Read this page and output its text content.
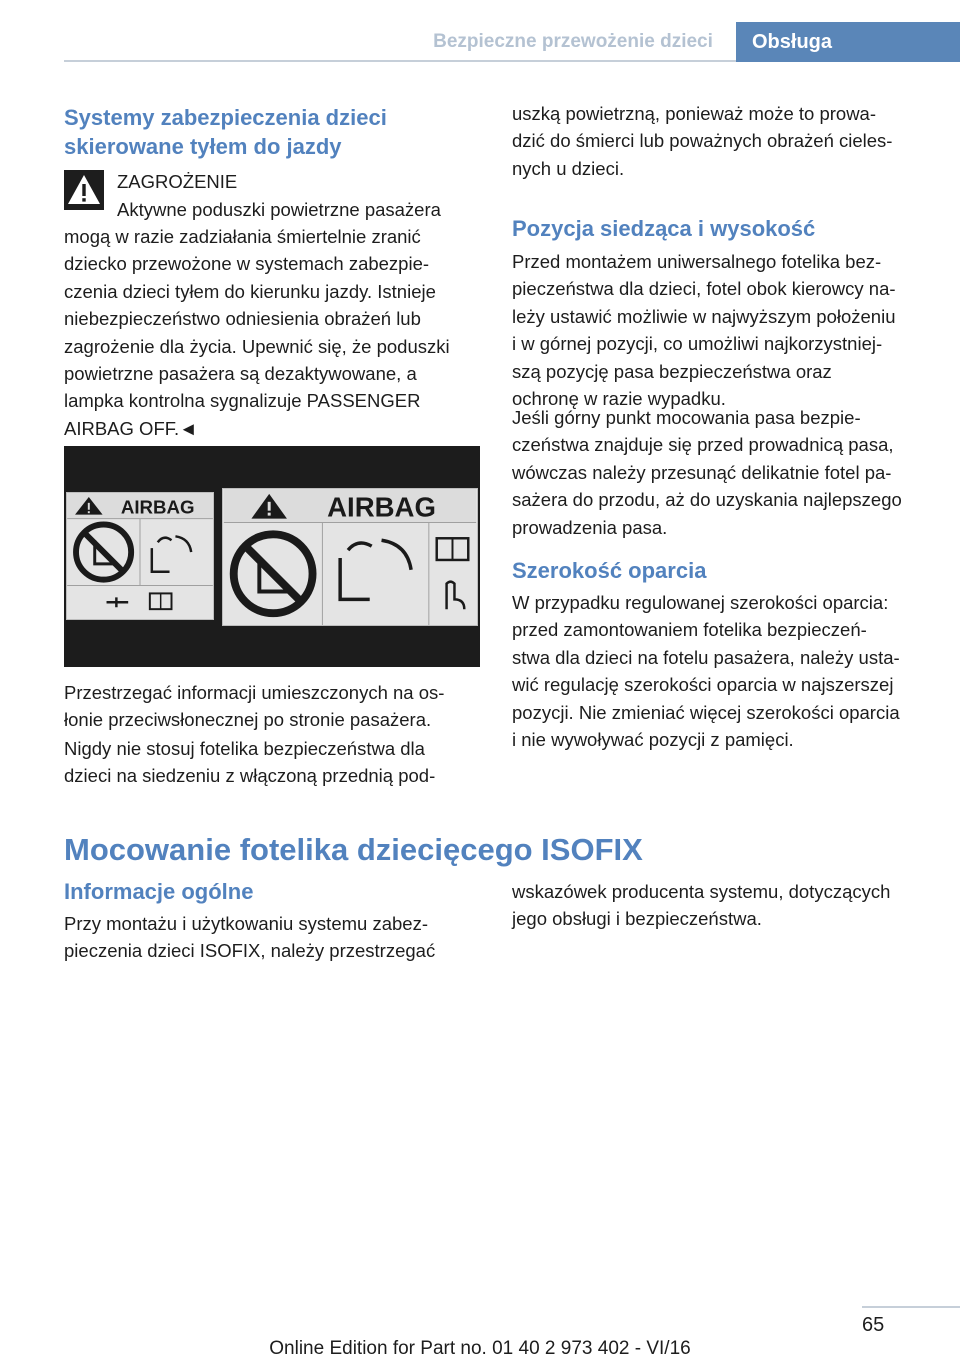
Bezpieczne przewożenie dzieci	Obsługa
Systemy zabezpieczenia dzieci skierowane tyłem do jazdy
ZAGROŻENIE
Aktywne poduszki powietrzne pasażera
mogą w razie zadziałania śmiertelnie zranić
dziecko przewożone w systemach zabezpie-
czenia dzieci tyłem do kierunku jazdy. Istnieje
niebezpieczeństwo odniesienia obrażeń lub
zagrożenie dla życia. Upewnić się, że poduszki
powietrzne pasażera są dezaktywowane, a
lampka kontrolna sygnalizuje PASSENGER
AIRBAG OFF.◄
AIRBAG	AIRBAG
Przestrzegać informacji umieszczonych na os-
łonie przeciwsłonecznej po stronie pasażera.
Nigdy nie stosuj fotelika bezpieczeństwa dla
dzieci na siedzeniu z włączoną przednią pod-
uszką powietrzną, ponieważ może to prowa-
dzić do śmierci lub poważnych obrażeń cieles-
nych u dzieci.
Pozycja siedząca i wysokość
Przed montażem uniwersalnego fotelika bez-
pieczeństwa dla dzieci, fotel obok kierowcy na-
leży ustawić możliwie w najwyższym położeniu
i w górnej pozycji, co umożliwi najkorzystniej-
szą pozycję pasa bezpieczeństwa oraz
ochronę w razie wypadku.
Jeśli górny punkt mocowania pasa bezpie-
czeństwa znajduje się przed prowadnicą pasa,
wówczas należy przesunąć delikatnie fotel pa-
sażera do przodu, aż do uzyskania najlepszego
prowadzenia pasa.
Szerokość oparcia
W przypadku regulowanej szerokości oparcia:
przed zamontowaniem fotelika bezpieczeń-
stwa dla dzieci na fotelu pasażera, należy usta-
wić regulację szerokości oparcia w najszerszej
pozycji. Nie zmieniać więcej szerokości oparcia
i nie wywoływać pozycji z pamięci.
Mocowanie fotelika dziecięcego ISOFIX
Informacje ogólne
Przy montażu i użytkowaniu systemu zabez-
pieczenia dzieci ISOFIX, należy przestrzegać
wskazówek producenta systemu, dotyczących
jego obsługi i bezpieczeństwa.
65
Online Edition for Part no. 01 40 2 973 402 - VI/16
